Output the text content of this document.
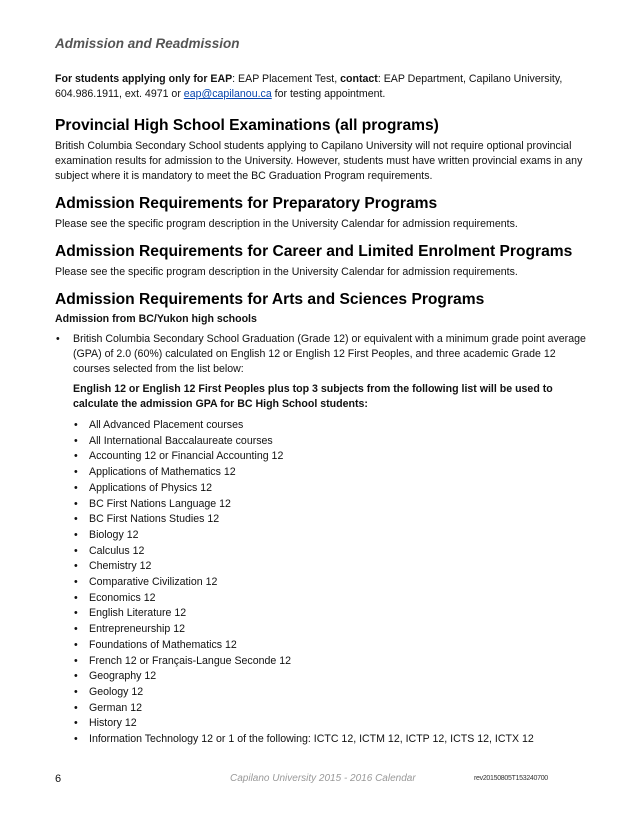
Admission and Readmission

For students applying only for EAP: EAP Placement Test, contact: EAP Department, Capilano University, 604.986.1911, ext. 4971 or eap@capilanou.ca for testing appointment.

Provincial High School Examinations (all programs)

British Columbia Secondary School students applying to Capilano University will not require optional provincial examination results for admission to the University. However, students must have written provincial exams in any subject where it is mandatory to meet the BC Graduation Program requirements.

Admission Requirements for Preparatory Programs

Please see the specific program description in the University Calendar for admission requirements.

Admission Requirements for Career and Limited Enrolment Programs

Please see the specific program description in the University Calendar for admission requirements.

Admission Requirements for Arts and Sciences Programs
Admission from BC/Yukon high schools
• British Columbia Secondary School Graduation (Grade 12) or equivalent with a minimum grade point average (GPA) of 2.0 (60%) calculated on English 12 or English 12 First Peoples, and three academic Grade 12 courses selected from the list below:
English 12 or English 12 First Peoples plus top 3 subjects from the following list will be used to calculate the admission GPA for BC High School students:
• All Advanced Placement courses
• All International Baccalaureate courses
• Accounting 12 or Financial Accounting 12
• Applications of Mathematics 12
• Applications of Physics 12
• BC First Nations Language 12
• BC First Nations Studies 12
• Biology 12
• Calculus 12
• Chemistry 12
• Comparative Civilization 12
• Economics 12
• English Literature 12
• Entrepreneurship 12
• Foundations of Mathematics 12
• French 12 or Français-Langue Seconde 12
• Geography 12
• Geology 12
• German 12
• History 12
• Information Technology 12 or 1 of the following: ICTC 12, ICTM 12, ICTP 12, ICTS 12, ICTX 12
6	Capilano University 2015 - 2016 Calendar	rev20150805T153240700
